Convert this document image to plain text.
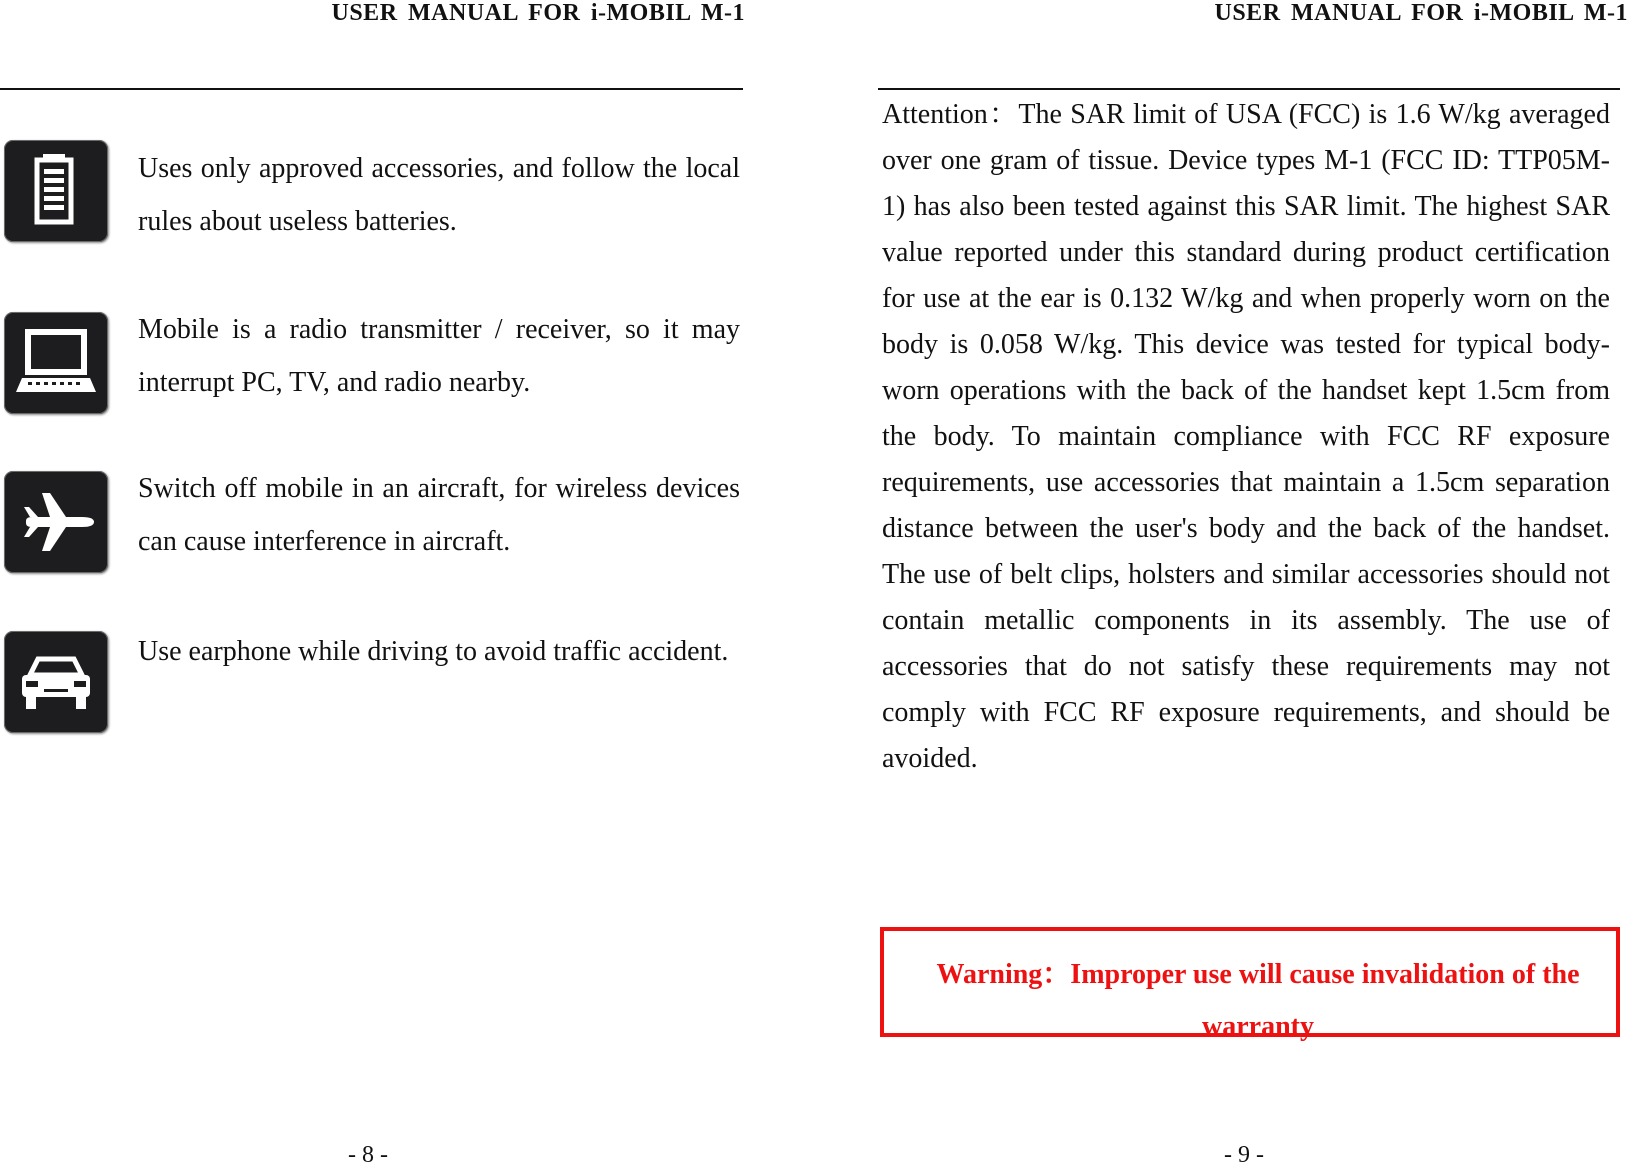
USER MANUAL FOR i-MOBIL M-1
Uses only approved accessories, and follow the local rules about useless batteries.
Mobile is a radio transmitter / receiver, so it may interrupt PC, TV, and radio nearby.
Switch off mobile in an aircraft, for wireless devices can cause interference in aircraft.
Use earphone while driving to avoid traffic accident.
- 8 -
USER MANUAL FOR i-MOBIL M-1
Attention：The SAR limit of USA (FCC) is 1.6 W/kg averaged over one gram of tissue. Device types M-1 (FCC ID: TTP05M-1) has also been tested against this SAR limit. The highest SAR value reported under this standard during product certification for use at the ear is 0.132 W/kg and when properly worn on the body is 0.058 W/kg. This device was tested for typical body-worn operations with the back of the handset kept 1.5cm from the body. To maintain compliance with FCC RF exposure requirements, use accessories that maintain a 1.5cm separation distance between the user's body and the back of the handset. The use of belt clips, holsters and similar accessories should not contain metallic components in its assembly. The use of accessories that do not satisfy these requirements may not comply with FCC RF exposure requirements, and should be avoided.
Warning：Improper use will cause invalidation of the warranty
- 9 -
